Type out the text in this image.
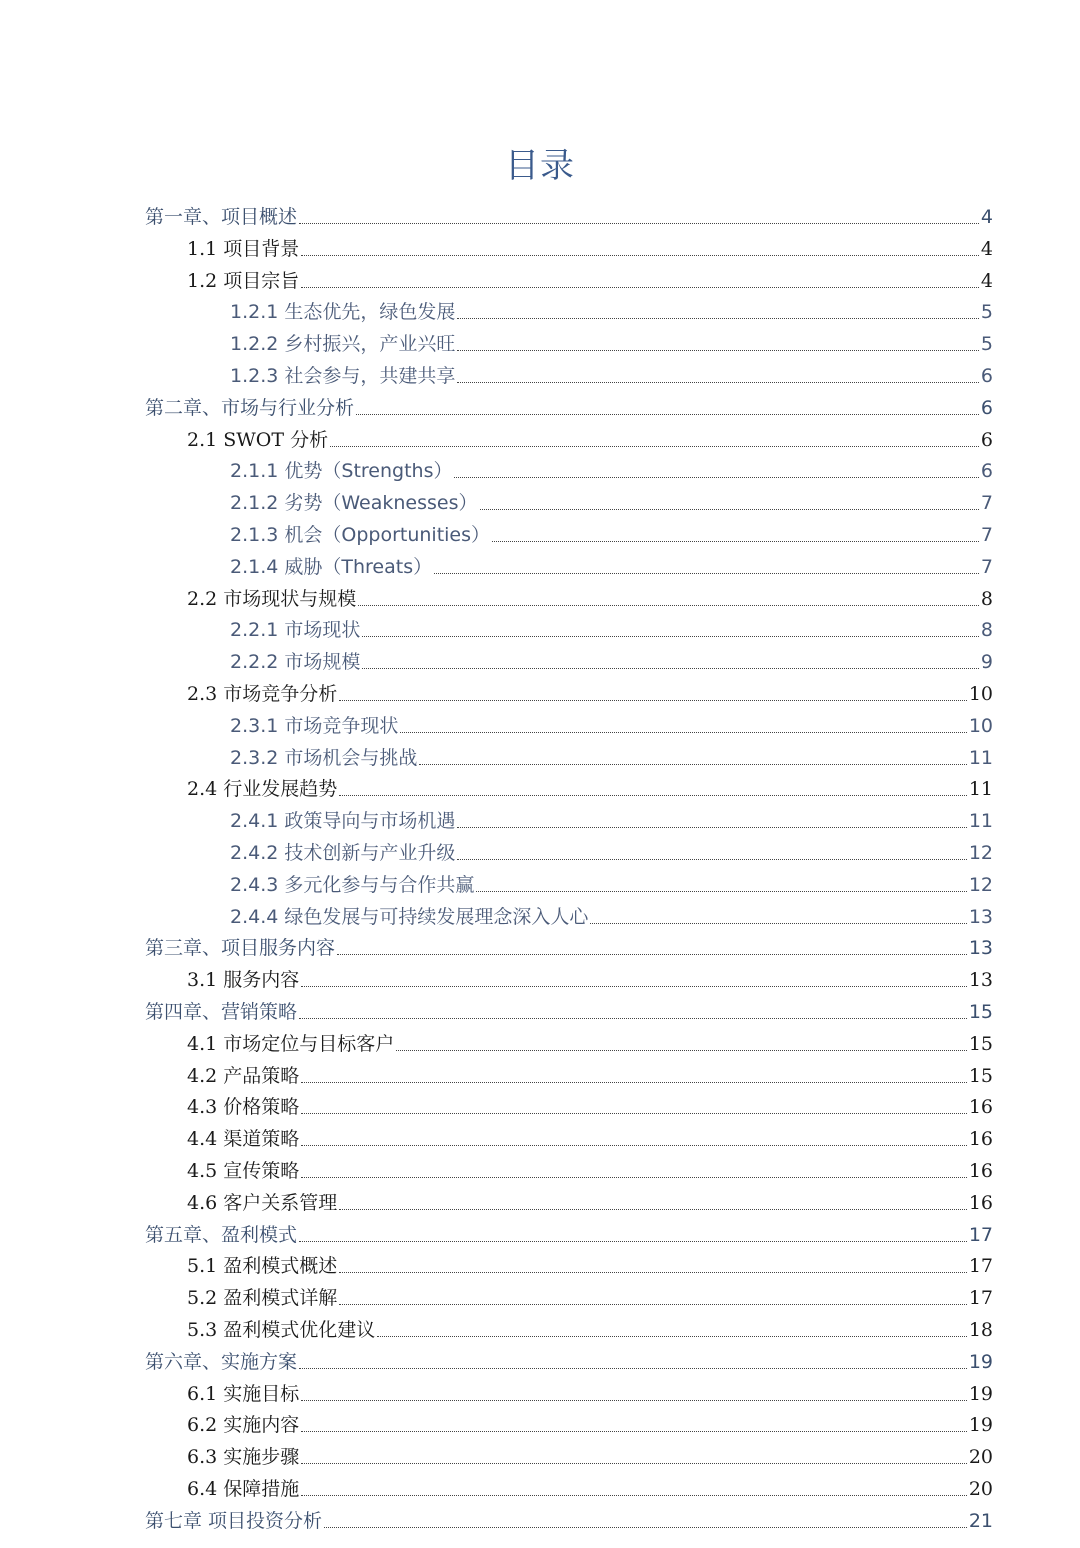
目录
第一章、项目概述	4
1.1 项目背景	4
1.2 项目宗旨	4
1.2.1 生态优先，绿色发展	5
1.2.2 乡村振兴，产业兴旺	5
1.2.3 社会参与，共建共享	6
第二章、市场与行业分析	6
2.1 SWOT 分析	6
2.1.1 优势（Strengths）	6
2.1.2 劣势（Weaknesses）	7
2.1.3 机会（Opportunities）	7
2.1.4 威胁（Threats）	7
2.2 市场现状与规模	8
2.2.1 市场现状	8
2.2.2 市场规模	9
2.3 市场竞争分析	10
2.3.1 市场竞争现状	10
2.3.2 市场机会与挑战	11
2.4 行业发展趋势	11
2.4.1 政策导向与市场机遇	11
2.4.2 技术创新与产业升级	12
2.4.3 多元化参与与合作共赢	12
2.4.4 绿色发展与可持续发展理念深入人心	13
第三章、项目服务内容	13
3.1 服务内容	13
第四章、营销策略	15
4.1 市场定位与目标客户	15
4.2 产品策略	15
4.3 价格策略	16
4.4 渠道策略	16
4.5 宣传策略	16
4.6 客户关系管理	16
第五章、盈利模式	17
5.1 盈利模式概述	17
5.2 盈利模式详解	17
5.3 盈利模式优化建议	18
第六章、实施方案	19
6.1 实施目标	19
6.2 实施内容	19
6.3 实施步骤	20
6.4 保障措施	20
第七章 项目投资分析	21
